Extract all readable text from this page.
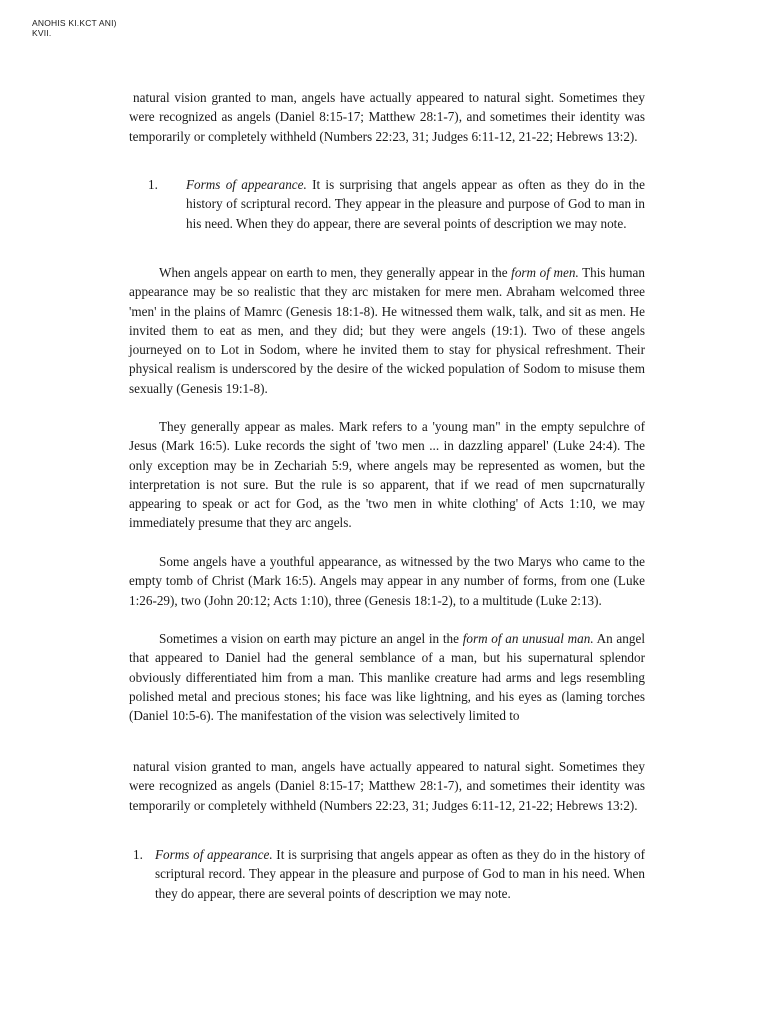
ANOHIS KI.KCT ANI)
KVII.

natural vision granted to man, angels have actually appeared to natural sight. Sometimes they were recognized as angels (Daniel 8:15-17; Matthew 28:1-7), and sometimes their identity was temporarily or completely withheld (Numbers 22:23, 31; Judges 6:11-12, 21-22; Hebrews 13:2).

1.	Forms of appearance. It is surprising that angels appear as often as they do in the history of scriptural record. They appear in the pleasure and purpose of God to man in his need. When they do appear, there are several points of description we may note.

When angels appear on earth to men, they generally appear in the form of men. This human appearance may be so realistic that they arc mistaken for mere men. Abraham welcomed three 'men' in the plains of Mamrc (Genesis 18:1-8). He witnessed them walk, talk, and sit as men. He invited them to eat as men, and they did; but they were angels (19:1). Two of these angels journeyed on to Lot in Sodom, where he invited them to stay for physical refreshment. Their physical realism is underscored by the desire of the wicked population of Sodom to misuse them sexually (Genesis 19:1-8).

They generally appear as males. Mark refers to a 'young man" in the empty sepulchre of Jesus (Mark 16:5). Luke records the sight of 'two men ... in dazzling apparel' (Luke 24:4). The only exception may be in Zechariah 5:9, where angels may be represented as women, but the interpretation is not sure. But the rule is so apparent, that if we read of men supcrnaturally appearing to speak or act for God, as the 'two men in white clothing' of Acts 1:10, we may immediately presume that they arc angels.

Some angels have a youthful appearance, as witnessed by the two Marys who came to the empty tomb of Christ (Mark 16:5). Angels may appear in any number of forms, from one (Luke 1:26-29), two (John 20:12; Acts 1:10), three (Genesis 18:1-2), to a multitude (Luke 2:13).

Sometimes a vision on earth may picture an angel in the form of an unusual man. An angel that appeared to Daniel had the general semblance of a man, but his supernatural splendor obviously differentiated him from a man. This manlike creature had arms and legs resembling polished metal and precious stones; his face was like lightning, and his eyes as (laming torches (Daniel 10:5-6). The manifestation of the vision was selectively limited to

natural vision granted to man, angels have actually appeared to natural sight. Sometimes they were recognized as angels (Daniel 8:15-17; Matthew 28:1-7), and sometimes their identity was temporarily or completely withheld (Numbers 22:23, 31; Judges 6:11-12, 21-22; Hebrews 13:2).

1. Forms of appearance. It is surprising that angels appear as often as they do in the history of scriptural record. They appear in the pleasure and purpose of God to man in his need. When they do appear, there are several points of description we may note.
